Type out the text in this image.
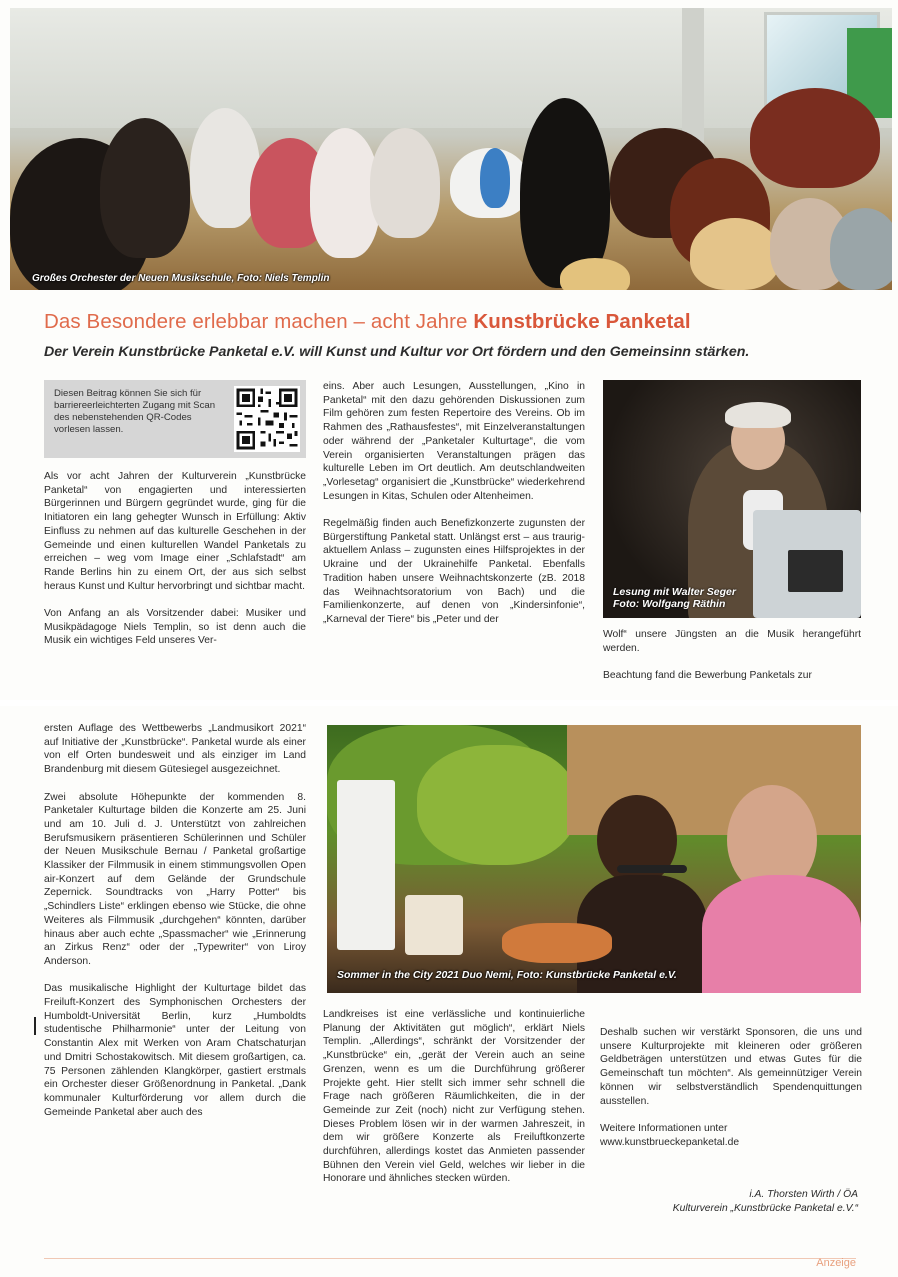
Großes Orchester der Neuen Musikschule, Foto: Niels Templin
Das Besondere erlebbar machen – acht Jahre Kunstbrücke Panketal
Der Verein Kunstbrücke Panketal e.V. will Kunst und Kultur vor Ort fördern und den Gemeinsinn stärken.
Diesen Beitrag können Sie sich für barriereerleichterten Zugang mit Scan des nebenstehenden QR-Codes vorlesen lassen.

Als vor acht Jahren der Kulturverein „Kunstbrücke Panketal“ von engagierten und interessierten Bürgerinnen und Bürgern gegründet wurde, ging für die Initiatoren ein lang gehegter Wunsch in Erfüllung: Aktiv Einfluss zu nehmen auf das kulturelle Geschehen in der Gemeinde und einen kulturellen Wandel Panketals zu erreichen – weg vom Image einer „Schlafstadt“ am Rande Berlins hin zu einem Ort, der aus sich selbst heraus Kunst und Kultur hervorbringt und sichtbar macht.

Von Anfang an als Vorsitzender dabei: Musiker und Musikpädagoge Niels Templin, so ist denn auch die Musik ein wichtiges Feld unseres Ver-

eins. Aber auch Lesungen, Ausstellungen, „Kino in Panketal“ mit den dazu gehörenden Diskussionen zum Film gehören zum festen Repertoire des Vereins. Ob im Rahmen des „Rathausfestes“, mit Einzelveranstaltungen oder während der „Panketaler Kulturtage“, die vom Verein organisierten Veranstaltungen prägen das kulturelle Leben im Ort deutlich. Am deutschlandweiten „Vorlesetag“ organisiert die „Kunstbrücke“ wiederkehrend Lesungen in Kitas, Schulen oder Altenheimen.

Regelmäßig finden auch Benefizkonzerte zugunsten der Bürgerstiftung Panketal statt. Unlängst erst – aus traurig-aktuellem Anlass – zugunsten eines Hilfsprojektes in der Ukraine und der Ukrainehilfe Panketal. Ebenfalls Tradition haben unsere Weihnachtskonzerte (zB. 2018 das Weihnachtsoratorium von Bach) und die Familienkonzerte, auf denen von „Kindersinfonie“, „Karneval der Tiere“ bis „Peter und der

Lesung mit Walter Seger
Foto: Wolfgang Räthin

Wolf“ unsere Jüngsten an die Musik herangeführt werden.

Beachtung fand die Bewerbung Panketals zur

ersten Auflage des Wettbewerbs „Landmusikort 2021“ auf Initiative der „Kunstbrücke“. Panketal wurde als einer von elf Orten bundesweit und als einziger im Land Brandenburg mit diesem Gütesiegel ausgezeichnet.

Zwei absolute Höhepunkte der kommenden 8. Panketaler Kulturtage bilden die Konzerte am 25. Juni und am 10. Juli d. J. Unterstützt von zahlreichen Berufsmusikern präsentieren Schülerinnen und Schüler der Neuen Musikschule Bernau / Panketal großartige Klassiker der Filmmusik in einem stimmungsvollen Open air-Konzert auf dem Gelände der Grundschule Zepernick. Soundtracks von „Harry Potter“ bis „Schindlers Liste“ erklingen ebenso wie Stücke, die ohne Weiteres als Filmmusik „durchgehen“ könnten, darüber hinaus aber auch echte „Spassmacher“ wie „Erinnerung an Zirkus Renz“ oder der „Typewriter“ von Liroy Anderson.

Das musikalische Highlight der Kulturtage bildet das Freiluft-Konzert des Symphonischen Orchesters der Humboldt-Universität Berlin, kurz „Humboldts studentische Philharmonie“ unter der Leitung von Constantin Alex mit Werken von Aram Chatschaturjan und Dmitri Schostakowitsch. Mit diesem großartigen, ca. 75 Personen zählenden Klangkörper, gastiert erstmals ein Orchester dieser Größenordnung in Panketal. „Dank kommunaler Kulturförderung vor allem durch die Gemeinde Panketal aber auch des

Sommer in the City 2021 Duo Nemi, Foto: Kunstbrücke Panketal e.V.

Landkreises ist eine verlässliche und kontinuierliche Planung der Aktivitäten gut möglich“, erklärt Niels Templin. „Allerdings“, schränkt der Vorsitzender der „Kunstbrücke“ ein, „gerät der Verein auch an seine Grenzen, wenn es um die Durchführung größerer Projekte geht. Hier stellt sich immer sehr schnell die Frage nach größeren Räumlichkeiten, die in der Gemeinde zur Zeit (noch) nicht zur Verfügung stehen. Dieses Problem lösen wir in der warmen Jahreszeit, in dem wir größere Konzerte als Freiluftkonzerte durchführen, allerdings kostet das Anmieten passender Bühnen den Verein viel Geld, welches wir lieber in die Honorare und ähnliches stecken würden.

Deshalb suchen wir verstärkt Sponsoren, die uns und unsere Kulturprojekte mit kleineren oder größeren Geldbeträgen unterstützen und etwas Gutes für die Gemeinschaft tun möchten“. Als gemeinnütziger Verein können wir selbstverständlich Spendenquittungen ausstellen.

Weitere Informationen unter
www.kunstbrueckepanketal.de

i.A. Thorsten Wirth / ÖA
Kulturverein „Kunstbrücke Panketal e.V.“
Anzeige
